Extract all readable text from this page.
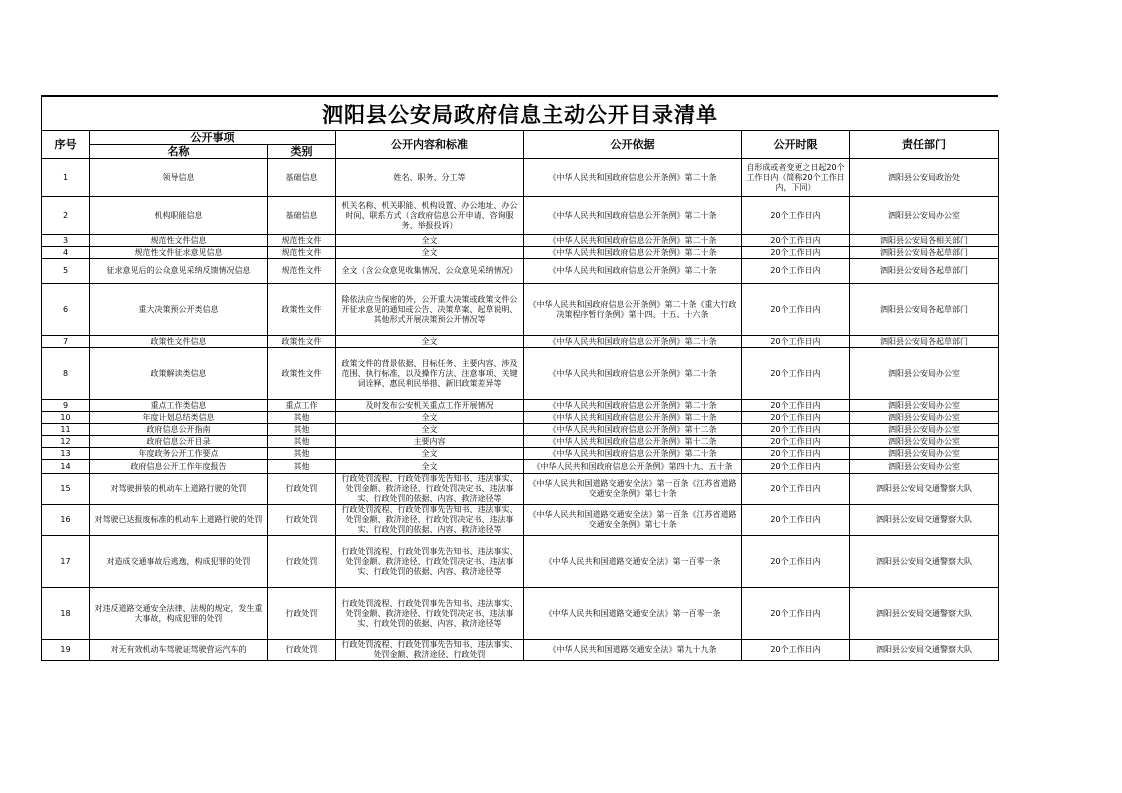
泗阳县公安局政府信息主动公开目录清单
序号	公开事项		公开内容和标准	公开依据	公开时限	责任部门
	名称	类别				
1	领导信息	基础信息	姓名、职务、分工等	《中华人民共和国政府信息公开条例》第二十条	自形成或者变更之日起20个工作日内（简称20个工作日内，下同）	泗阳县公安局政治处
2	机构职能信息	基础信息	机关名称、机关职能、机构设置、办公地址、办公时间、联系方式（含政府信息公开申请、咨询服务、举报投诉）	《中华人民共和国政府信息公开条例》第二十条	20个工作日内	泗阳县公安局办公室
3	规范性文件信息	规范性文件	全文	《中华人民共和国政府信息公开条例》第二十条	20个工作日内	泗阳县公安局各相关部门
4	规范性文件征求意见信息	规范性文件	全文	《中华人民共和国政府信息公开条例》第二十条	20个工作日内	泗阳县公安局各起草部门
5	征求意见后的公众意见采纳反馈情况信息	规范性文件	全文（含公众意见收集情况、公众意见采纳情况）	《中华人民共和国政府信息公开条例》第二十条	20个工作日内	泗阳县公安局各起草部门
6	重大决策预公开类信息	政策性文件	除依法应当保密的外，公开重大决策或政策文件公开征求意见的通知或公告、决策草案、起草说明、其他形式开展决策预公开情况等	《中华人民共和国政府信息公开条例》第二十条《重大行政决策程序暂行条例》第十四、十五、十六条	20个工作日内	泗阳县公安局各起草部门
7	政策性文件信息	政策性文件	全文	《中华人民共和国政府信息公开条例》第二十条	20个工作日内	泗阳县公安局各起草部门
8	政策解读类信息	政策性文件	政策文件的背景依据、目标任务、主要内容、涉及范围、执行标准，以及操作方法、注意事项、关键词诠释、惠民利民举措、新旧政策差异等	《中华人民共和国政府信息公开条例》第二十条	20个工作日内	泗阳县公安局办公室
9	重点工作类信息	重点工作	及时发布公安机关重点工作开展情况	《中华人民共和国政府信息公开条例》第二十条	20个工作日内	泗阳县公安局办公室
10	年度计划总结类信息	其他	全文	《中华人民共和国政府信息公开条例》第二十条	20个工作日内	泗阳县公安局办公室
11	政府信息公开指南	其他	全文	《中华人民共和国政府信息公开条例》第十二条	20个工作日内	泗阳县公安局办公室
12	政府信息公开目录	其他	主要内容	《中华人民共和国政府信息公开条例》第十二条	20个工作日内	泗阳县公安局办公室
13	年度政务公开工作要点	其他	全文	《中华人民共和国政府信息公开条例》第二十条	20个工作日内	泗阳县公安局办公室
14	政府信息公开工作年度报告	其他	全文	《中华人民共和国政府信息公开条例》第四十九、五十条	20个工作日内	泗阳县公安局办公室
15	对驾驶拼装的机动车上道路行驶的处罚	行政处罚	行政处罚流程、行政处罚事先告知书、违法事实、处罚金额、救济途径、行政处罚决定书、违法事实、行政处罚的依据、内容、救济途径等	《中华人民共和国道路交通安全法》第一百条《江苏省道路交通安全条例》第七十条	20个工作日内	泗阳县公安局交通警察大队
16	对驾驶已达报废标准的机动车上道路行驶的处罚	行政处罚	行政处罚流程、行政处罚事先告知书、违法事实、处罚金额、救济途径、行政处罚决定书、违法事实、行政处罚的依据、内容、救济途径等	《中华人民共和国道路交通安全法》第一百条《江苏省道路交通安全条例》第七十条	20个工作日内	泗阳县公安局交通警察大队
17	对造成交通事故后逃逸，构成犯罪的处罚	行政处罚	行政处罚流程、行政处罚事先告知书、违法事实、处罚金额、救济途径、行政处罚决定书、违法事实、行政处罚的依据、内容、救济途径等	《中华人民共和国道路交通安全法》第一百零一条	20个工作日内	泗阳县公安局交通警察大队
18	对违反道路交通安全法律、法规的规定，发生重大事故，构成犯罪的处罚	行政处罚	行政处罚流程、行政处罚事先告知书、违法事实、处罚金额、救济途径、行政处罚决定书、违法事实、行政处罚的依据、内容、救济途径等	《中华人民共和国道路交通安全法》第一百零一条	20个工作日内	泗阳县公安局交通警察大队
19	对无有效机动车驾驶证驾驶营运汽车的	行政处罚	行政处罚流程、行政处罚事先告知书、违法事实、处罚金额、救济途径、行政处罚	《中华人民共和国道路交通安全法》第九十九条	20个工作日内	泗阳县公安局交通警察大队
